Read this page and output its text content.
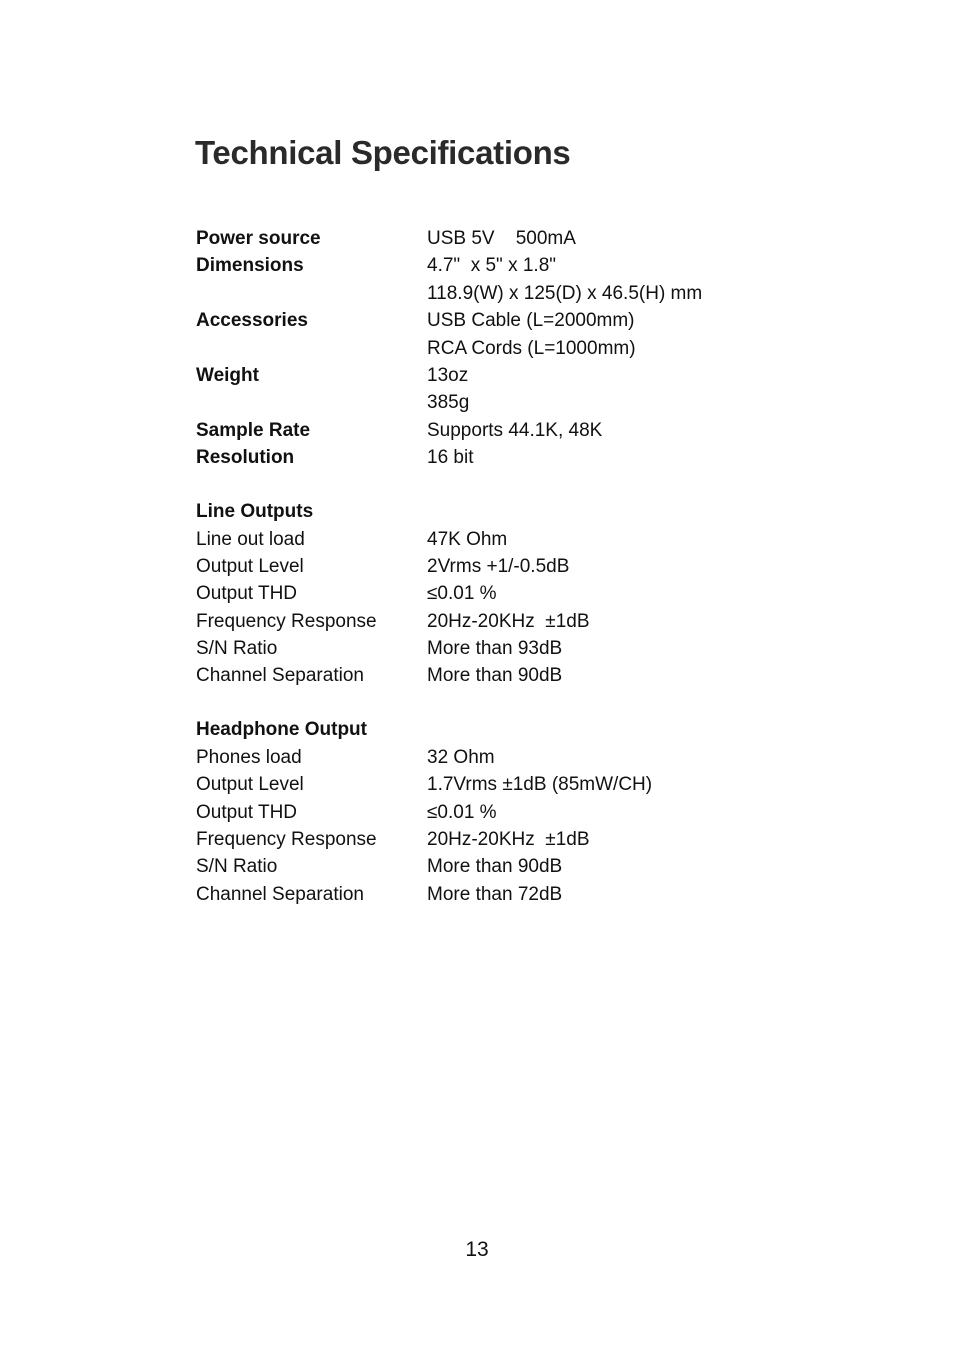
Technical Specifications
Power source	USB 5V    500mA
Dimensions	4.7"  x 5" x 1.8"
118.9(W) x 125(D) x 46.5(H) mm
Accessories	USB Cable (L=2000mm)
RCA Cords (L=1000mm)
Weight	13oz
385g
Sample Rate	Supports 44.1K, 48K
Resolution	16 bit
Line Outputs
Line out load	47K Ohm
Output Level	2Vrms +1/-0.5dB
Output THD	≤0.01 %
Frequency Response	20Hz-20KHz  ±1dB
S/N Ratio	More than 93dB
Channel Separation	More than 90dB
Headphone Output
Phones load	32 Ohm
Output Level	1.7Vrms ±1dB (85mW/CH)
Output THD	≤0.01 %
Frequency Response	20Hz-20KHz  ±1dB
S/N Ratio	More than 90dB
Channel Separation	More than 72dB
13
